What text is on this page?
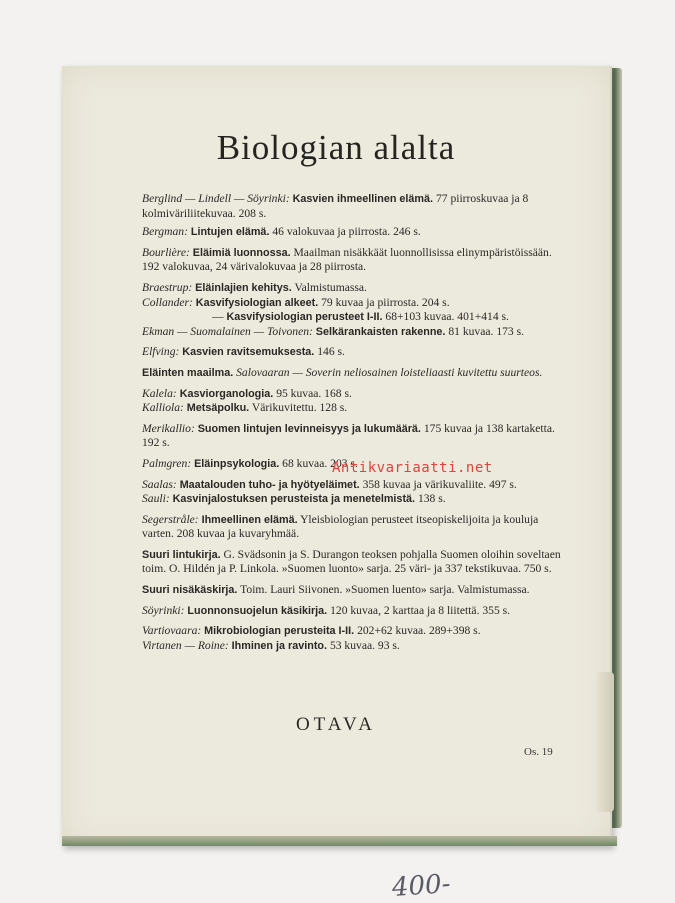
Biologian alalta
Berglind — Lindell — Söyrinki: Kasvien ihmeellinen elämä. 77 piirroskuvaa ja 8 kolmiväriliitekuvaa. 208 s.
Bergman: Lintujen elämä. 46 valokuvaa ja piirrosta. 246 s.
Bourlière: Eläimiä luonnossa. Maailman nisäkkäät luonnollisissa elinympäristöissään. 192 valokuvaa, 24 värivalokuvaa ja 28 piirrosta.
Braestrup: Eläinlajien kehitys. Valmistumassa.
Collander: Kasvifysiologian alkeet. 79 kuvaa ja piirrosta. 204 s.
— Kasvifysiologian perusteet I-II. 68+103 kuvaa. 401+414 s.
Ekman — Suomalainen — Toivonen: Selkärankaisten rakenne. 81 kuvaa. 173 s.
Elfving: Kasvien ravitsemuksesta. 146 s.
Eläinten maailma. Salovaaran — Soverin neliosainen loisteliaasti kuvitettu suurteos.
Kalela: Kasviorganologia. 95 kuvaa. 168 s.
Kalliola: Metsäpolku. Värikuvitettu. 128 s.
Merikallio: Suomen lintujen levinneisyys ja lukumäärä. 175 kuvaa ja 138 kartaketta. 192 s.
Palmgren: Eläinpsykologia. 68 kuvaa. 203 s.
Saalas: Maatalouden tuho- ja hyötyeläimet. 358 kuvaa ja värikuvaliite. 497 s.
Sauli: Kasvinjalostuksen perusteista ja menetelmistä. 138 s.
Segerstråle: Ihmeellinen elämä. Yleisbiologian perusteet itseopiskelijoita ja kouluja varten. 208 kuvaa ja kuvaryhmää.
Suuri lintukirja. G. Svädsonin ja S. Durangon teoksen pohjalla Suomen oloihin soveltaen toim. O. Hildén ja P. Linkola. »Suomen luonto» sarja. 25 väri- ja 337 tekstikuvaa. 750 s.
Suuri nisäkäskirja. Toim. Lauri Siivonen. »Suomen luento» sarja. Valmistumassa.
Söyrinki: Luonnonsuojelun käsikirja. 120 kuvaa, 2 karttaa ja 8 liitettä. 355 s.
Vartiovaara: Mikrobiologian perusteita I-II. 202+62 kuvaa. 289+398 s.
Virtanen — Roine: Ihminen ja ravinto. 53 kuvaa. 93 s.
OTAVA
Os. 19
Antikvariaatti.net
400-
